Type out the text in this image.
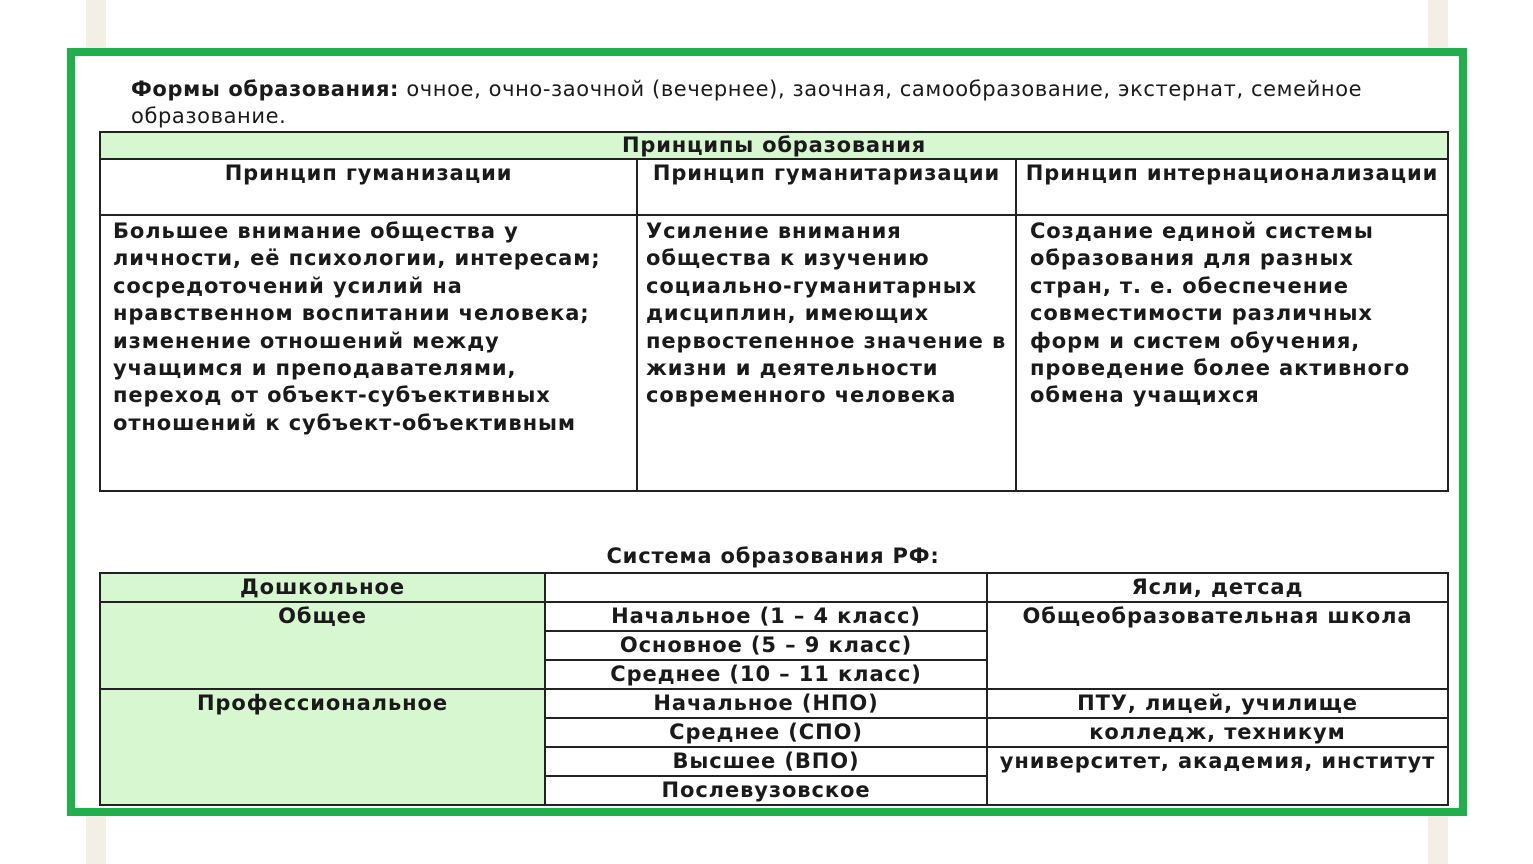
Формы образования: очное, очно-заочной (вечернее), заочная, самообразование, экстернат, семейное образование.
Принципы образования		
Принцип гуманизации	Принцип гуманитаризации	Принцип интернационализации
Большее внимание общества у личности, её психологии, интересам; сосредоточений усилий на нравственном воспитании человека; изменение отношений между учащимся и преподавателями, переход от объект-субъективных отношений к субъект-объективным	Усиление внимания общества к изучению социально-гуманитарных дисциплин, имеющих первостепенное значение в жизни и деятельности современного человека	Создание единой системы образования для разных стран, т. е. обеспечение совместимости различных форм и систем обучения, проведение более активного обмена учащихся
Система образования РФ:
Дошкольное		Ясли, детсад
Общее	Начальное (1 – 4 класс)	Общеобразовательная школа
	Основное (5 – 9 класс)	
	Среднее (10 – 11 класс)	
Профессиональное	Начальное (НПО)	ПТУ, лицей, училище
	Среднее (СПО)	колледж, техникум
	Высшее (ВПО)	университет, академия, институт
	Послевузовское	
